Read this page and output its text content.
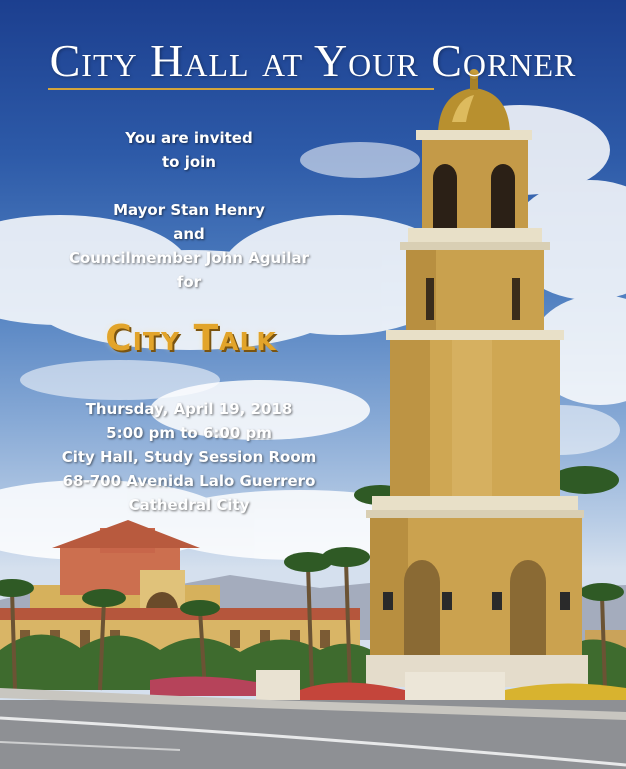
City Hall at Your Corner
You are invited
to join
Mayor Stan Henry
and
Councilmember John Aguilar
for
City Talk
Thursday, April 19, 2018
5:00 pm to 6:00 pm
City Hall, Study Session Room
68-700 Avenida Lalo Guerrero
Cathedral City
